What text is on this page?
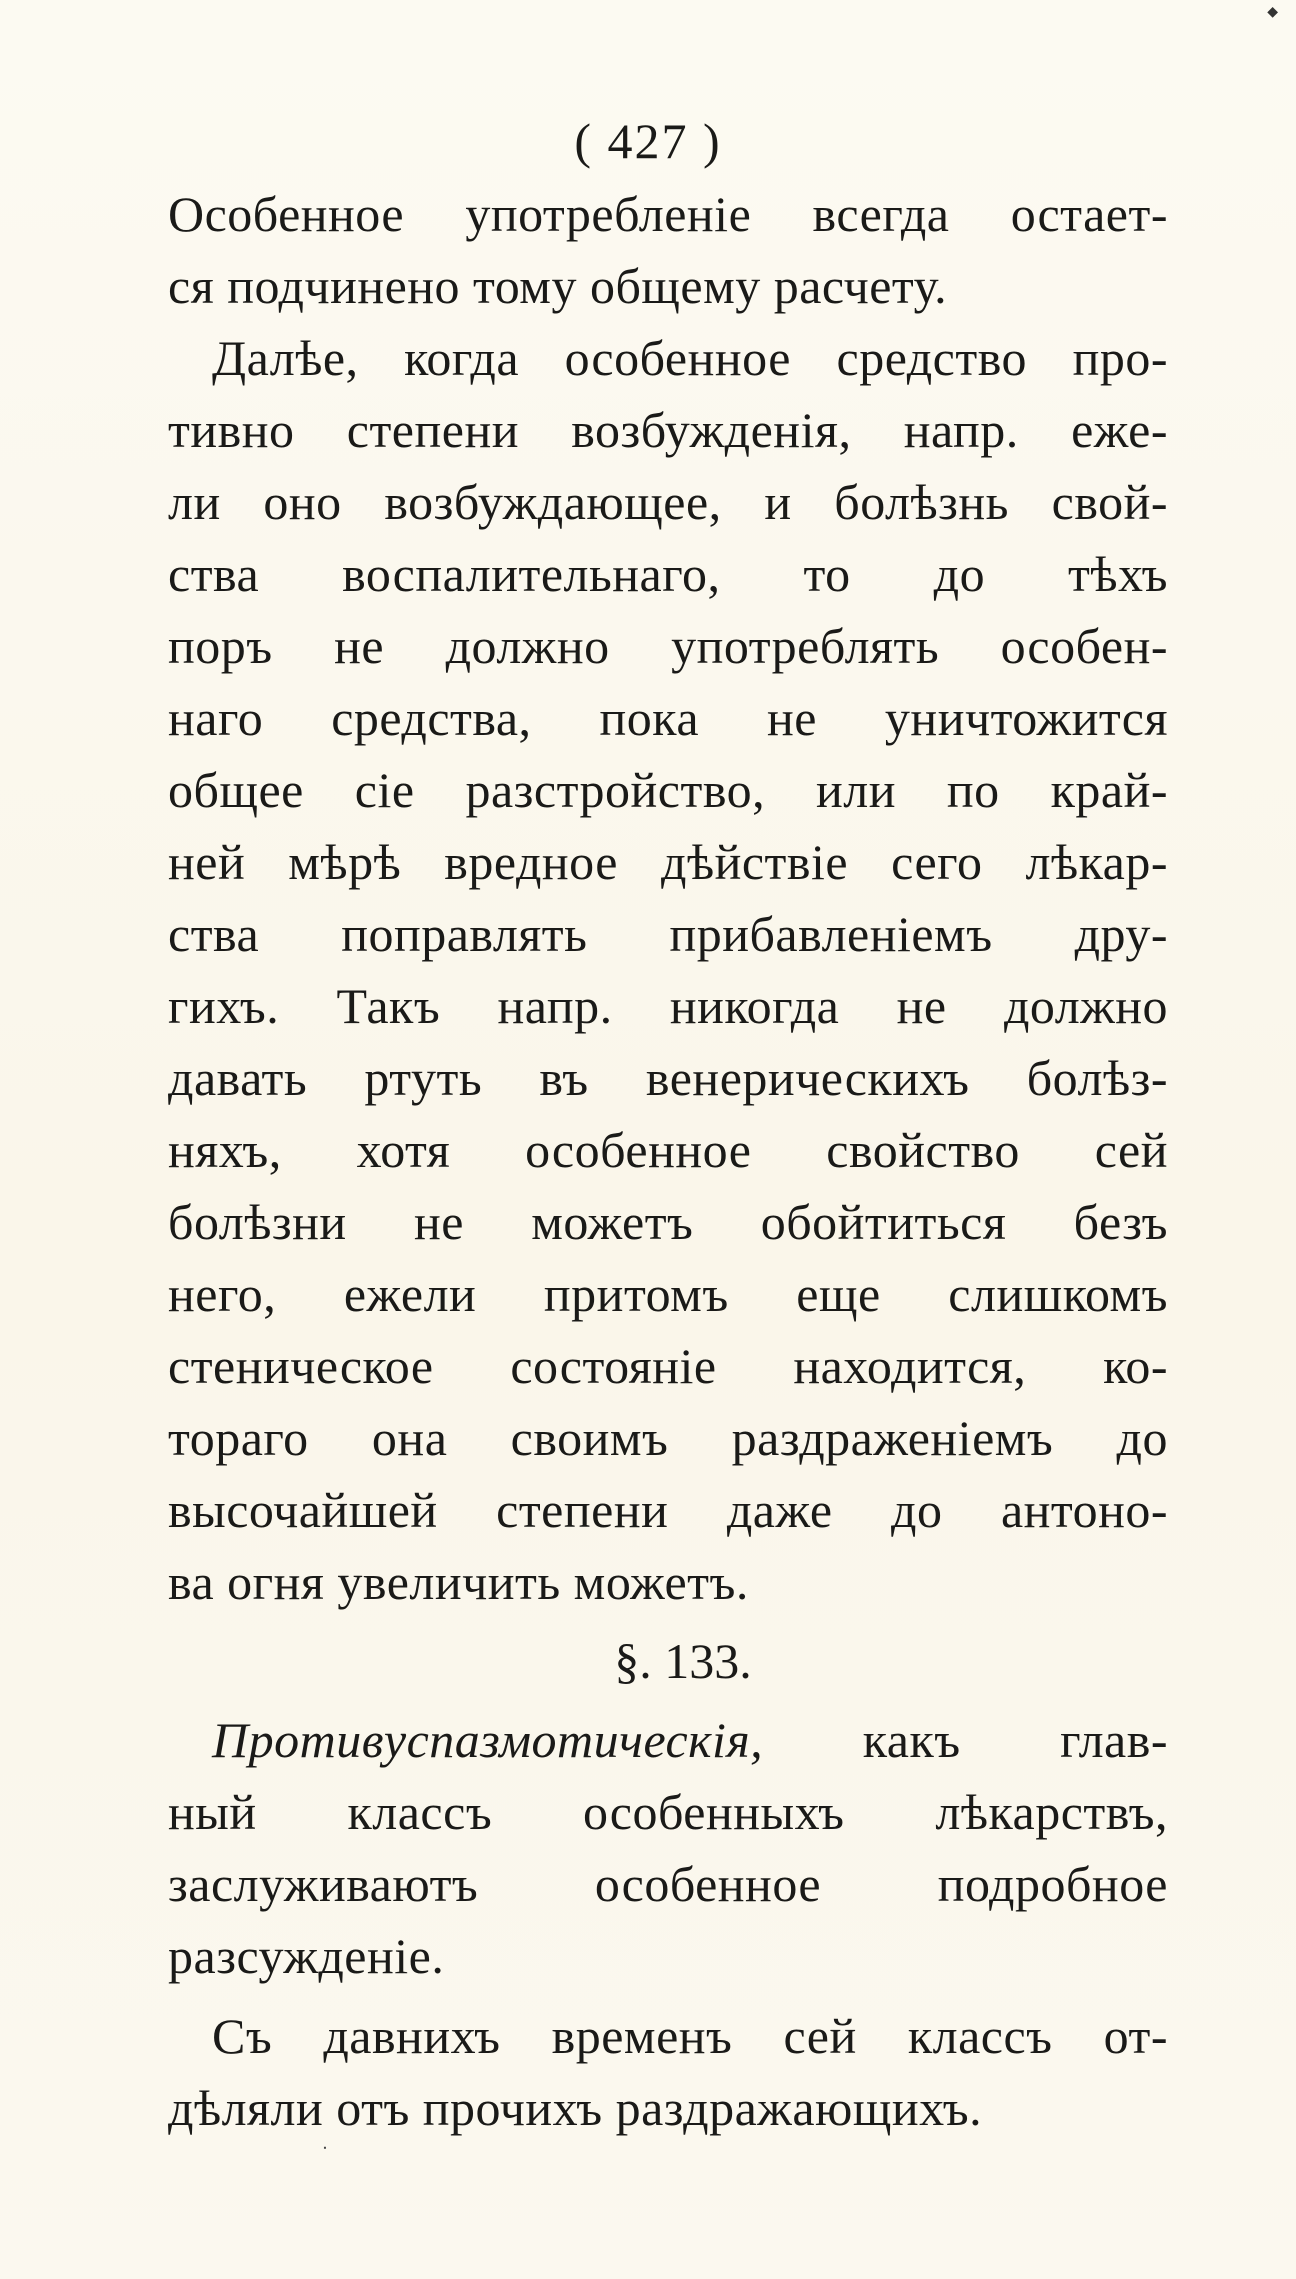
◆
( 427 )
Особенное употребленіе всегда остает-
ся подчинено тому общему расчету.
Далѣе, когда особенное средство про-
тивно степени возбужденія, напр. еже-
ли оно возбуждающее, и болѣзнь свой-
ства воспалительнаго, то до тѣхъ
поръ не должно употреблять особен-
наго средства, пока не уничтожится
общее сіе разстройство, или по край-
ней мѣрѣ вредное дѣйствіе сего лѣкар-
ства поправлять прибавленіемъ дру-
гихъ. Такъ напр. никогда не должно
давать ртуть въ венерическихъ болѣз-
няхъ, хотя особенное свойство сей
болѣзни не можетъ обойтиться безъ
него, ежели притомъ еще слишкомъ
стеническое состояніе находится, ко-
тораго она своимъ раздраженіемъ до
высочайшей степени даже до антоно-
ва огня увеличить можетъ.
§. 133.
Противуспазмотическія, какъ глав-
ный классъ особенныхъ лѣкарствъ,
заслуживаютъ особенное подробное
разсужденіе.
Съ давнихъ временъ сей классъ от-
дѣляли отъ прочихъ раздражающихъ.
ᐧ
